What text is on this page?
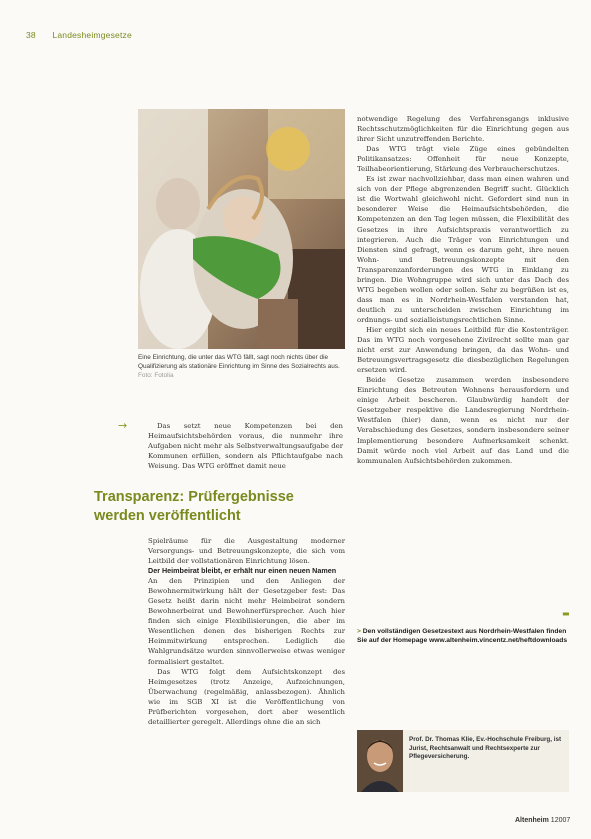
38 Landesheimgesetze
Eine Einrichtung, die unter das WTG fällt, sagt noch nichts über die Qualifizierung als stationäre Einrichtung im Sinne des Sozialrechts aus.
Foto: Fotolia
→	Das setzt neue Kompetenzen bei den Heimaufsichtsbehörden voraus, die nunmehr ihre Aufgaben nicht mehr als Selbstverwaltungsaufgabe der Kommunen erfüllen, sondern als Pflichtaufgabe nach Weisung. Das WTG eröffnet damit neue

Transparenz: Prüfergebnisse werden veröffentlicht

Spielräume für die Ausgestaltung moderner Versorgungs- und Betreuungskonzepte, die sich vom Leitbild der vollstationären Einrichtung lösen.

Der Heimbeirat bleibt, er erhält nur einen neuen Namen

An den Prinzipien und den Anliegen der Bewohnermitwirkung hält der Gesetzgeber fest: Das Gesetz heißt darin nicht mehr Heimbeirat sondern Bewohnerbeirat und Bewohnerfürsprecher. Auch hier finden sich einige Flexibilisierungen, die aber im Wesentlichen denen des bisherigen Rechts zur Heimmitwirkung entsprechen. Lediglich die Wahlgrundsätze wurden sinnvollerweise etwas weniger formalisiert gestaltet.

Das WTG folgt dem Aufsichtskonzept des Heimgesetzes (trotz Anzeige, Aufzeichnungen, Überwachung (regelmäßig, anlassbezogen). Ähnlich wie im SGB XI ist die Veröffentlichung von Prüfberichten vorgesehen, dort aber wesentlich detaillierter geregelt. Allerdings ohne die an sich

notwendige Regelung des Verfahrensgangs inklusive Rechtsschutzmöglichkeiten für die Einrichtung gegen aus ihrer Sicht unzutreffenden Berichte.

Das WTG trägt viele Züge eines gebündelten Politikansatzes: Offenheit für neue Konzepte, Teilhabeorientierung, Stärkung des Verbraucherschutzes.

Es ist zwar nachvollziehbar, dass man einen wahren und sich von der Pflege abgrenzenden Begriff sucht. Glücklich ist die Wortwahl gleichwohl nicht. Gefordert sind nun in besonderer Weise die Heimaufsichtsbehörden, die Kompetenzen an den Tag legen müssen, die Flexibilität des Gesetzes in ihre Aufsichtspraxis verantwortlich zu integrieren. Auch die Träger von Einrichtungen und Diensten sind gefragt, wenn es darum geht, ihre neuen Wohn- und Betreuungskonzepte mit den Transparenzanforderungen des WTG in Einklang zu bringen. Die Wohngruppe wird sich unter das Dach des WTG begeben wollen oder sollen. Sehr zu begrüßen ist es, dass man es in Nordrhein-Westfalen verstanden hat, deutlich zu unterscheiden zwischen Einrichtung im ordnungs- und sozialleistungsrechtlichen Sinne.

Hier ergibt sich ein neues Leitbild für die Kostenträger. Das im WTG noch vorgesehene Zivilrecht sollte man gar nicht erst zur Anwendung bringen, da das Wohn- und Betreuungsvertragsgesetz die diesbezüglichen Regelungen ersetzen wird.

Beide Gesetze zusammen werden insbesondere Einrichtung des Betreuten Wohnens herausfordern und einige Arbeit bescheren. Glaubwürdig handelt der Gesetzgeber respektive die Landesregierung Nordrhein-Westfalen (hier) dann, wenn es nicht nur der Verabschiedung des Gesetzes, sondern insbesondere seiner Implementierung besondere Aufmerksamkeit schenkt. Damit würde noch viel Arbeit auf das Land und die kommunalen Aufsichtsbehörden zukommen.

▬
> Den vollständigen Gesetzestext aus Nordrhein-Westfalen finden Sie auf der Homepage www.altenheim.vincentz.net/heftdownloads
Prof. Dr. Thomas Klie, Ev.-Hochschule Freiburg, ist Jurist, Rechtsanwalt und Rechtsexperte zur Pflegeversicherung.
Altenheim 12007
